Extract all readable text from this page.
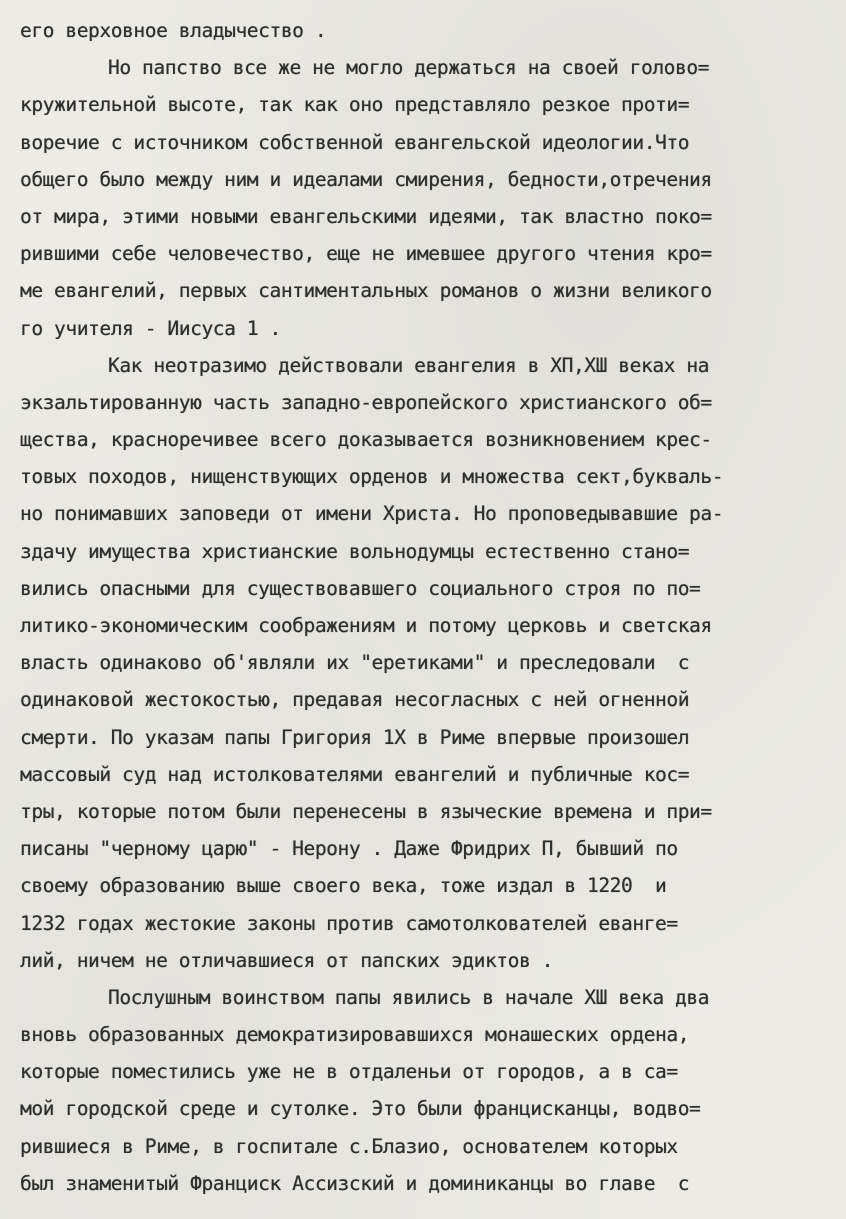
его верховное владычество .
Но папство все же не могло держаться на своей голово=
кружительной высоте, так как оно представляло резкое проти=
воречие с источником собственной евангельской идеологии.Что
общего было между ним и идеалами смирения, бедности,отречения
от мира, этими новыми евангельскими идеями, так властно поко=
рившими себе человечество, еще не имевшее другого чтения кро=
ме евангелий, первых сантиментальных романов о жизни великого
го учителя - Иисуса 1 .
Как неотразимо действовали евангелия в ХП,ХШ веках на
экзальтированную часть западно-европейского христианского об=
щества, красноречивее всего доказывается возникновением крес-
товых походов, нищенствующих орденов и множества сект,букваль-
но понимавших заповеди от имени Христа. Но проповедывавшие ра-
здачу имущества христианские вольнодумцы естественно стано=
вились опасными для существовавшего социального строя по по=
литико-экономическим соображениям и потому церковь и светская
власть одинаково об'являли их "еретиками" и преследовали  с
одинаковой жестокостью, предавая несогласных с ней огненной
смерти. По указам папы Григория 1Х в Риме впервые произошел
массовый суд над истолкователями евангелий и публичные кос=
тры, которые потом были перенесены в языческие времена и при=
писаны "черному царю" - Нерону . Даже Фридрих П, бывший по
своему образованию выше своего века, тоже издал в 1220  и
1232 годах жестокие законы против самотолкователей еванге=
лий, ничем не отличавшиеся от папских эдиктов .
Послушным воинством папы явились в начале ХШ века два
вновь образованных демократизировавшихся монашеских ордена,
которые поместились уже не в отдаленьи от городов, а в са=
мой городской среде и сутолке. Это были францисканцы, водво=
рившиеся в Риме, в госпитале с.Блазио, основателем которых
был знаменитый Франциск Ассизский и доминиканцы во главе  с
